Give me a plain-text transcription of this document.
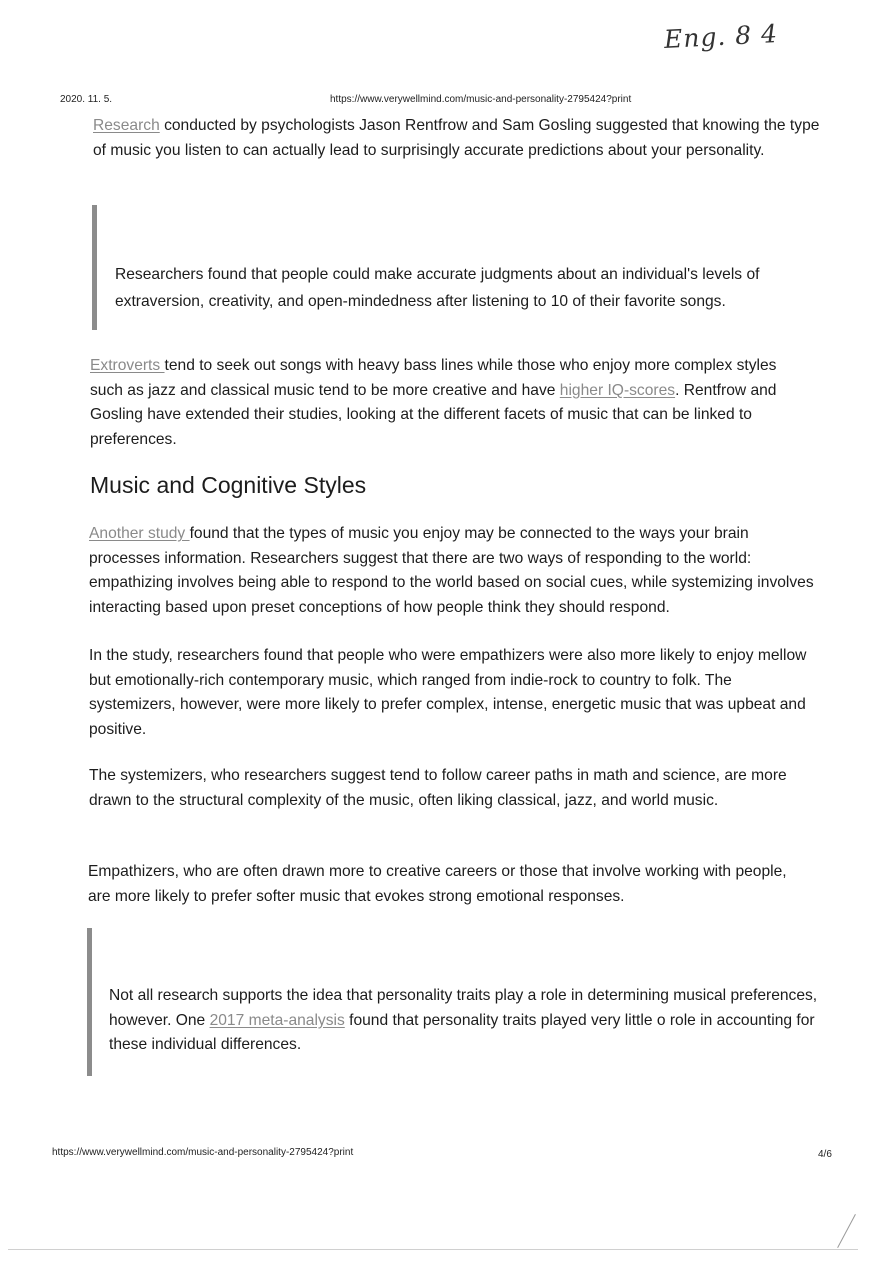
Eng. 8 4
2020. 11. 5.	https://www.verywellmind.com/music-and-personality-2795424?print

Research conducted by psychologists Jason Rentfrow and Sam Gosling suggested that knowing the type of music you listen to can actually lead to surprisingly accurate predictions about your personality.

Researchers found that people could make accurate judgments about an individual's levels of extraversion, creativity, and open-mindedness after listening to 10 of their favorite songs.

Extroverts tend to seek out songs with heavy bass lines while those who enjoy more complex styles such as jazz and classical music tend to be more creative and have higher IQ-scores. Rentfrow and Gosling have extended their studies, looking at the different facets of music that can be linked to preferences.

Music and Cognitive Styles

Another study found that the types of music you enjoy may be connected to the ways your brain processes information. Researchers suggest that there are two ways of responding to the world: empathizing involves being able to respond to the world based on social cues, while systemizing involves interacting based upon preset conceptions of how people think they should respond.

In the study, researchers found that people who were empathizers were also more likely to enjoy mellow but emotionally-rich contemporary music, which ranged from indie-rock to country to folk. The systemizers, however, were more likely to prefer complex, intense, energetic music that was upbeat and positive.

The systemizers, who researchers suggest tend to follow career paths in math and science, are more drawn to the structural complexity of the music, often liking classical, jazz, and world music.

Empathizers, who are often drawn more to creative careers or those that involve working with people, are more likely to prefer softer music that evokes strong emotional responses.

Not all research supports the idea that personality traits play a role in determining musical preferences, however. One 2017 meta-analysis found that personality traits played very little o role in accounting for these individual differences.

https://www.verywellmind.com/music-and-personality-2795424?print	4/6
